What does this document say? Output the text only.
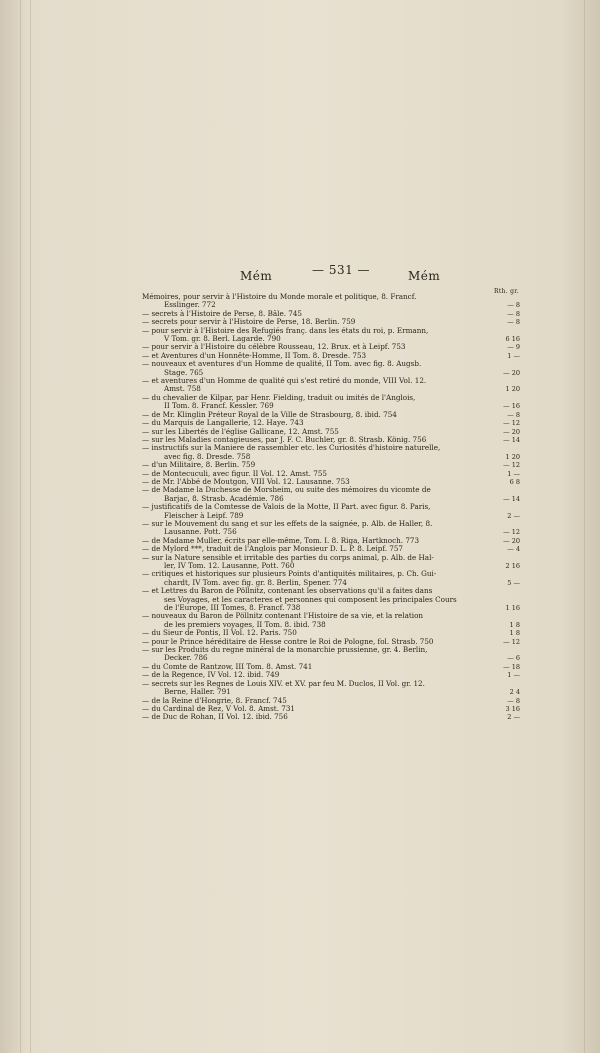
Mém	— 531 —	Mém
Rth. gr.
Mémoires, pour servir à l'Histoire du Monde morale et politique, 8. Francf.
Esslinger. 772	— 8
— secrets à l'Histoire de Perse, 8. Bâle. 745	— 8
— secrets pour servir à l'Histoire de Perse, 18. Berlin. 759	— 8
— pour servir à l'Histoire des Refugiés franç. dans les états du roi, p. Ermann,
V Tom. gr. 8. Berl. Lagarde. 790	6 16
— pour servir à l'Histoire du célèbre Rousseau, 12. Brux. et à Leipf. 753	— 9
— et Aventures d'un Honnête-Homme, II Tom. 8. Dresde. 753	1 —
— nouveaux et aventures d'un Homme de qualité, II Tom. avec fig. 8. Augsb.
Stage. 765	— 20
— et aventures d'un Homme de qualité qui s'est retiré du monde, VIII Vol. 12.
Amst. 758	1 20
— du chevalier de Kilpar, par Henr. Fielding, traduit ou imités de l'Anglois,
II Tom. 8. Francf. Kessler. 769	— 16
— de Mr. Klinglin Préteur Royal de la Ville de Strasbourg, 8. ibid. 754	— 8
— du Marquis de Langallerie, 12. Haye. 743	— 12
— sur les Libertés de l'église Gallicane, 12. Amst. 755	— 20
— sur les Maladies contagieuses, par J. F. C. Buchler, gr. 8. Strasb. König. 756	— 14
— instructifs sur la Maniere de rassembler etc. les Curiosités d'histoire naturelle,
avec fig. 8. Dresde. 758	1 20
— d'un Militaire, 8. Berlin. 759	— 12
— de Montecuculi, avec figur. II Vol. 12. Amst. 755	1 —
— de Mr. l'Abbé de Moutgon, VIII Vol. 12. Lausanne. 753	6 8
— de Madame la Duchesse de Morsheim, ou suite des mémoires du vicomte de
Barjac, 8. Strasb. Académie. 786	— 14
— justificatifs de la Comtesse de Valois de la Motte, II Part. avec figur. 8. Paris,
Fleischer à Leipf. 789	2 —
— sur le Mouvement du sang et sur les effets de la saignée, p. Alb. de Haller, 8.
Lausanne. Pott. 756	— 12
— de Madame Muller, écrits par elle-même, Tom. I. 8. Riga, Hartknoch. 773	— 20
— de Mylord ***, traduit de l'Anglois par Monsieur D. L. P. 8. Leipf. 757	— 4
— sur la Nature sensible et irritable des parties du corps animal, p. Alb. de Hal-
ler, IV Tom. 12. Lausanne, Pott. 760	2 16
— critiques et historiques sur plusieurs Points d'antiquités militaires, p. Ch. Gui-
chardt, IV Tom. avec fig. gr. 8. Berlin, Spener. 774	5 —
— et Lettres du Baron de Pöllnitz, contenant les observations qu'il a faites dans
ses Voyages, et les caracteres et personnes qui composent les principales Cours
de l'Europe, III Tomes, 8. Francf. 738	1 16
— nouveaux du Baron de Pöllnitz contenant l'Histoire de sa vie, et la relation
de les premiers voyages, II Tom. 8. ibid. 738	1 8
— du Sieur de Pontis, II Vol. 12. Paris. 750	1 8
— pour le Prince héréditaire de Hesse contre le Roi de Pologne, fol. Strasb. 750	— 12
— sur les Produits du regne minéral de la monarchie prussienne, gr. 4. Berlin,
Decker. 786	— 6
— du Comte de Rantzow, III Tom. 8. Amst. 741	— 18
— de la Regence, IV Vol. 12. ibid. 749	1 —
— secrets sur les Regnes de Louis XIV. et XV. par feu M. Duclos, II Vol. gr. 12.
Berne, Haller. 791	2 4
— de la Reine d'Hongrie, 8. Francf. 745	— 8
— du Cardinal de Rez, V Vol. 8. Amst. 731	3 16
— de Duc de Rohan, II Vol. 12. ibid. 756	2 —
